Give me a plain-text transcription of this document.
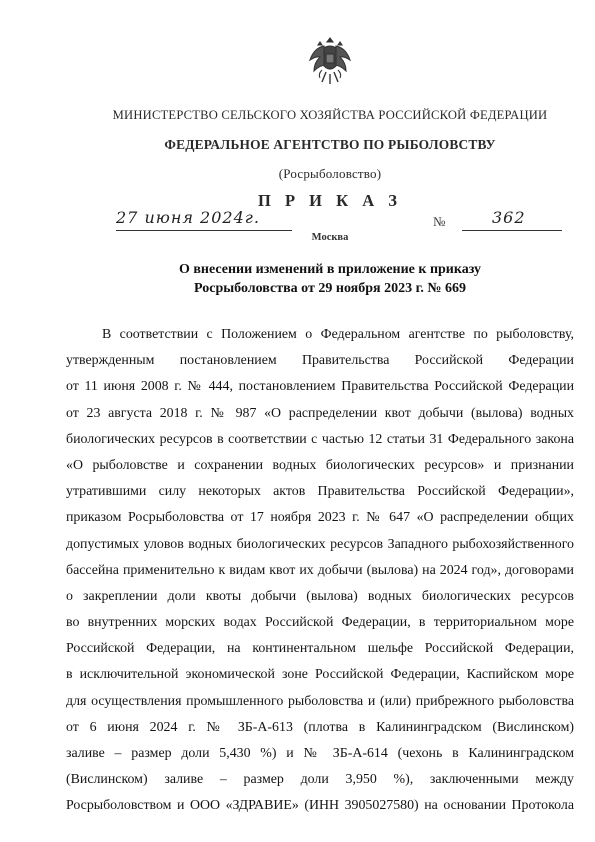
МИНИСТЕРСТВО СЕЛЬСКОГО ХОЗЯЙСТВА РОССИЙСКОЙ ФЕДЕРАЦИИ
ФЕДЕРАЛЬНОЕ АГЕНТСТВО ПО РЫБОЛОВСТВУ
(Росрыболовство)
П Р И К А З
27 июня 2024г.	№	362
Москва
О внесении изменений в приложение к приказу
Росрыболовства от 29 ноября 2023 г. № 669
В соответствии с Положением о Федеральном агентстве по рыболовству,
утвержденным постановлением Правительства Российской Федерации
от 11 июня 2008 г. № 444, постановлением Правительства Российской Федерации
от 23 августа 2018 г. № 987 «О распределении квот добычи (вылова) водных
биологических ресурсов в соответствии с частью 12 статьи 31 Федерального закона
«О рыболовстве и сохранении водных биологических ресурсов» и признании
утратившими силу некоторых актов Правительства Российской Федерации»,
приказом Росрыболовства от 17 ноября 2023 г. № 647 «О распределении общих
допустимых уловов водных биологических ресурсов Западного рыбохозяйственного
бассейна применительно к видам квот их добычи (вылова) на 2024 год», договорами
о закреплении доли квоты добычи (вылова) водных биологических ресурсов
во внутренних морских водах Российской Федерации, в территориальном море
Российской Федерации, на континентальном шельфе Российской Федерации,
в исключительной экономической зоне Российской Федерации, Каспийском море
для осуществления промышленного рыболовства и (или) прибрежного рыболовства
от 6 июня 2024 г. № ЗБ-А-613 (плотва в Калининградском (Вислинском)
заливе – размер доли 5,430 %) и № ЗБ-А-614 (чехонь в Калининградском
(Вислинском) заливе – размер доли 3,950 %), заключенными между
Росрыболовством и ООО «ЗДРАВИЕ» (ИНН 3905027580) на основании Протокола
